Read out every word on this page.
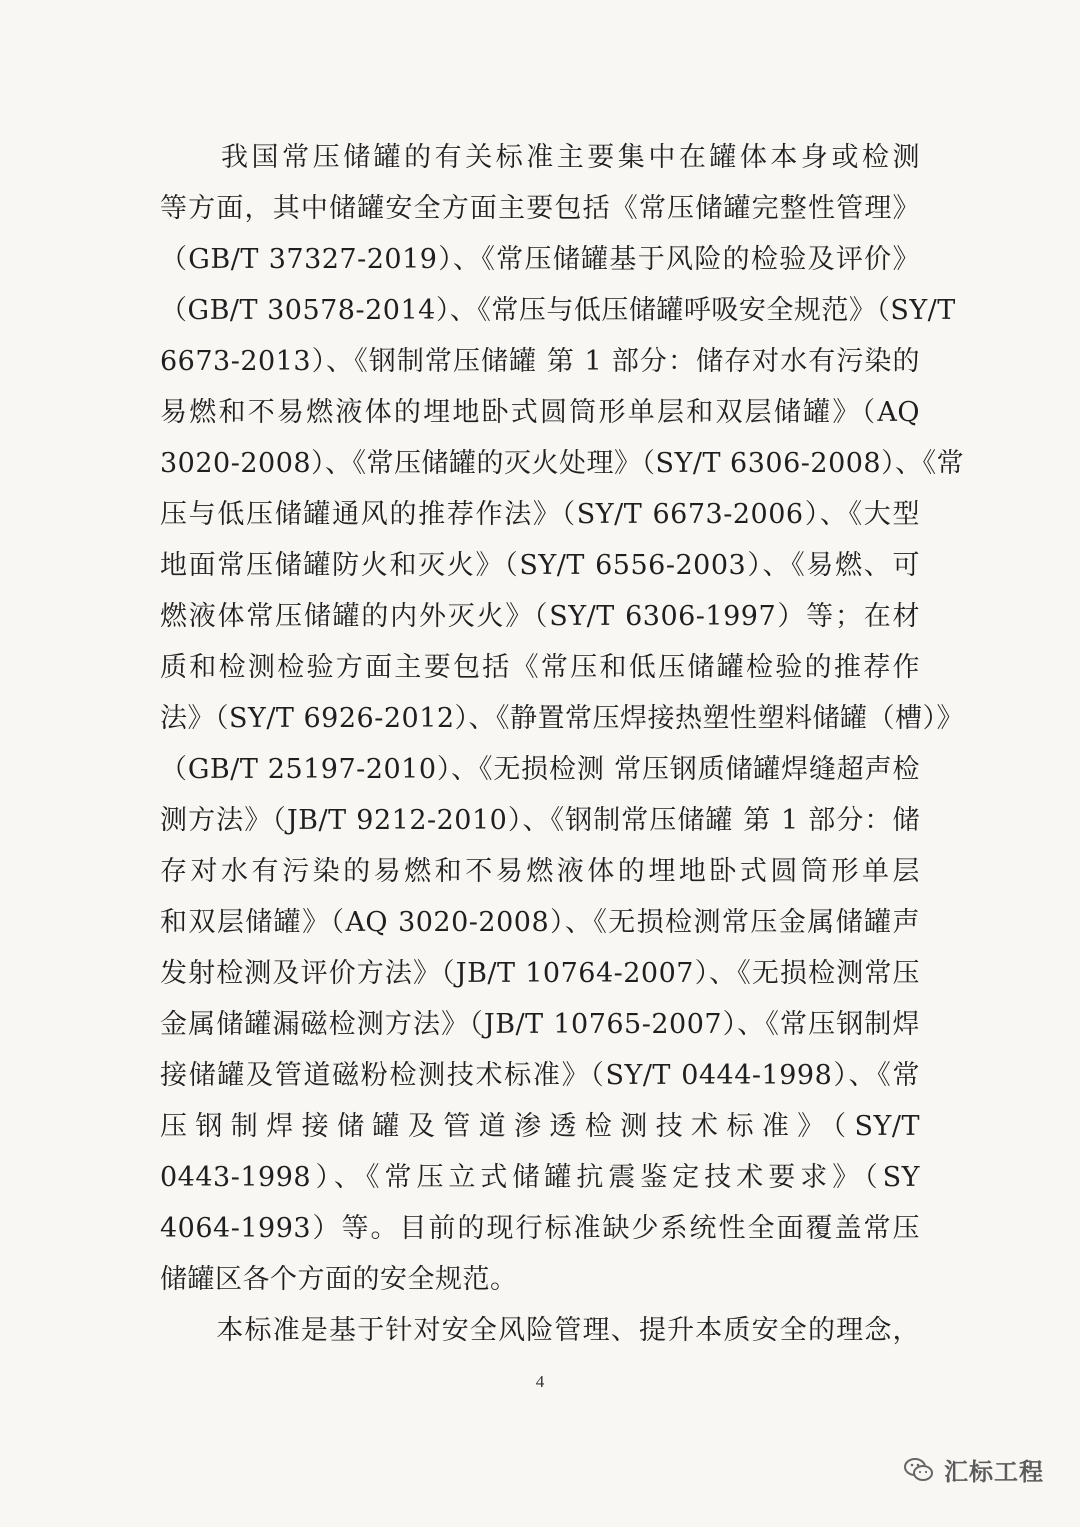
　　我国常压储罐的有关标准主要集中在罐体本身或检测
等方面，其中储罐安全方面主要包括《常压储罐完整性管理》
（GB/T 37327-2019）、《常压储罐基于风险的检验及评价》
（GB/T 30578-2014）、《常压与低压储罐呼吸安全规范》（SY/T
6673-2013）、《钢制常压储罐 第 1 部分：储存对水有污染的
易燃和不易燃液体的埋地卧式圆筒形单层和双层储罐》（AQ
3020-2008）、《常压储罐的灭火处理》（SY/T 6306-2008）、《常
压与低压储罐通风的推荐作法》（SY/T 6673-2006）、《大型
地面常压储罐防火和灭火》（SY/T 6556-2003）、《易燃、可
燃液体常压储罐的内外灭火》（SY/T 6306-1997）等；在材
质和检测检验方面主要包括《常压和低压储罐检验的推荐作
法》（SY/T 6926-2012）、《静置常压焊接热塑性塑料储罐（槽）》
（GB/T 25197-2010）、《无损检测 常压钢质储罐焊缝超声检
测方法》（JB/T 9212-2010）、《钢制常压储罐 第 1 部分：储
存对水有污染的易燃和不易燃液体的埋地卧式圆筒形单层
和双层储罐》（AQ 3020-2008）、《无损检测常压金属储罐声
发射检测及评价方法》（JB/T 10764-2007）、《无损检测常压
金属储罐漏磁检测方法》（JB/T 10765-2007）、《常压钢制焊
接储罐及管道磁粉检测技术标准》（SY/T 0444-1998）、《常
压钢制焊接储罐及管道渗透检测技术标准》（SY/T
0443-1998）、《常压立式储罐抗震鉴定技术要求》（SY
4064-1993）等。目前的现行标准缺少系统性全面覆盖常压
储罐区各个方面的安全规范。
　　本标准是基于针对安全风险管理、提升本质安全的理念，
4
汇标工程
